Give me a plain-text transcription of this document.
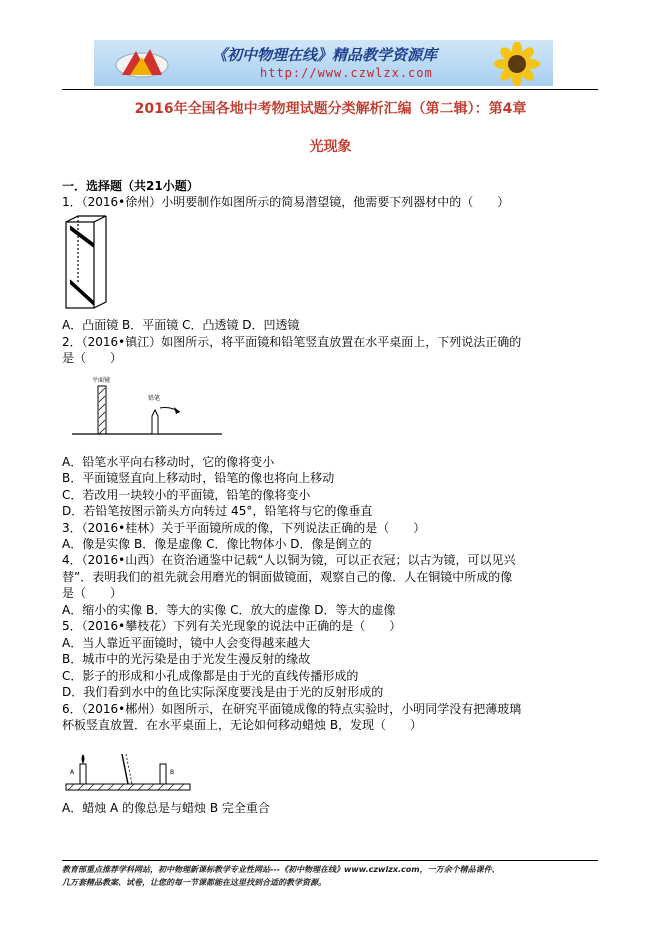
《初中物理在线》精品教学资源库
http://www.czwlzx.com
2016年全国各地中考物理试题分类解析汇编（第二辑）：第4章
光现象
一．选择题（共21小题）
1．（2016•徐州）小明要制作如图所示的简易潜望镜，他需要下列器材中的（　　）
A．凸面镜 B．平面镜 C．凸透镜 D．凹透镜
2．（2016•镇江）如图所示，将平面镜和铅笔竖直放置在水平桌面上，下列说法正确的
是（　　）
平面镜
铅笔
A．铅笔水平向右移动时，它的像将变小
B．平面镜竖直向上移动时，铅笔的像也将向上移动
C．若改用一块较小的平面镜，铅笔的像将变小
D．若铅笔按图示箭头方向转过 45°，铅笔将与它的像垂直
3．（2016•桂林）关于平面镜所成的像，下列说法正确的是（　　）
A．像是实像 B．像是虚像 C．像比物体小 D．像是倒立的
4．（2016•山西）在资治通鉴中记载“人以铜为镜，可以正衣冠；以古为镜，可以见兴
替”．表明我们的祖先就会用磨光的铜面做镜面，观察自己的像．人在铜镜中所成的像
是（　　）
A．缩小的实像 B．等大的实像 C．放大的虚像 D．等大的虚像
5．（2016•攀枝花）下列有关光现象的说法中正确的是（　　）
A．当人靠近平面镜时，镜中人会变得越来越大
B．城市中的光污染是由于光发生漫反射的缘故
C．影子的形成和小孔成像都是由于光的直线传播形成的
D．我们看到水中的鱼比实际深度要浅是由于光的反射形成的
6．（2016•郴州）如图所示，在研究平面镜成像的特点实验时，小明同学没有把薄玻璃
杯板竖直放置．在水平桌面上，无论如何移动蜡烛 B，发现（　　）
A	B
A．蜡烛 A 的像总是与蜡烛 B 完全重合
教育部重点推荐学科网站，初中物理新课标教学专业性网站---《初中物理在线》www.czwlzx.com，一万余个精品课件、
几万套精品教案、试卷，让您的每一节课都能在这里找到合适的教学资源。
